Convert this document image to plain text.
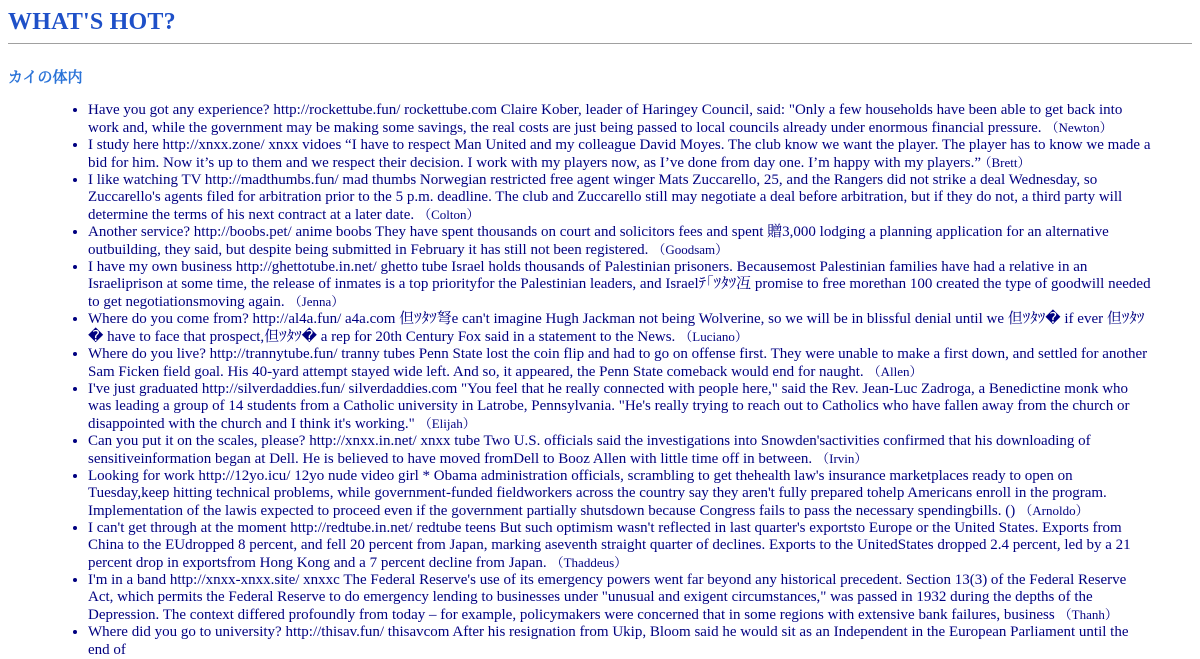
WHAT'S HOT?
カイの体内
• Have you got any experience? http://rockettube.fun/ rockettube.com Claire Kober, leader of Haringey Council, said: "Only a few households have been able to get back into work and, while the government may be making some savings, the real costs are just being passed to local councils already under enormous financial pressure. （Newton）
• I study here http://xnxx.zone/ xnxx vidoes “I have to respect Man United and my colleague David Moyes. The club know we want the player. The player has to know we made a bid for him. Now it’s up to them and we respect their decision. I work with my players now, as I’ve done from day one. I’m happy with my players.” （Brett）
• I like watching TV http://madthumbs.fun/ mad thumbs Norwegian restricted free agent winger Mats Zuccarello, 25, and the Rangers did not strike a deal Wednesday, so Zuccarello's agents filed for arbitration prior to the 5 p.m. deadline. The club and Zuccarello still may negotiate a deal before arbitration, but if they do not, a third party will determine the terms of his next contract at a later date. （Colton）
• Another service? http://boobs.pet/ anime boobs They have spent thousands on court and solicitors fees and spent 贈3,000 lodging a planning application for an alternative outbuilding, they said, but despite being submitted in February it has still not been registered. （Goodsam）
• I have my own business http://ghettotube.in.net/ ghetto tube Israel holds thousands of Palestinian prisoners. Becausemost Palestinian families have had a relative in an Israeliprison at some time, the release of inmates is a top priorityfor the Palestinian leaders, and Israelﾃ｢ﾂﾀﾂ冱 promise to free morethan 100 created the type of goodwill needed to get negotiationsmoving again. （Jenna）
• Where do you come from? http://al4a.fun/ a4a.com 但ﾂﾀﾂ弩e can't imagine Hugh Jackman not being Wolverine, so we will be in blissful denial until we 但ﾂﾀﾂ� if ever 但ﾂﾀﾂ� have to face that prospect,但ﾂﾀﾂ� a rep for 20th Century Fox said in a statement to the News. （Luciano）
• Where do you live? http://trannytube.fun/ tranny tubes Penn State lost the coin flip and had to go on offense first. They were unable to make a first down, and settled for another Sam Ficken field goal. His 40-yard attempt stayed wide left. And so, it appeared, the Penn State comeback would end for naught. （Allen）
• I've just graduated http://silverdaddies.fun/ silverdaddies.com "You feel that he really connected with people here," said the Rev. Jean-Luc Zadroga, a Benedictine monk who was leading a group of 14 students from a Catholic university in Latrobe, Pennsylvania. "He's really trying to reach out to Catholics who have fallen away from the church or disappointed with the church and I think it's working." （Elijah）
• Can you put it on the scales, please? http://xnxx.in.net/ xnxx tube Two U.S. officials said the investigations into Snowden'sactivities confirmed that his downloading of sensitiveinformation began at Dell. He is believed to have moved fromDell to Booz Allen with little time off in between. （Irvin）
• Looking for work http://12yo.icu/ 12yo nude video girl * Obama administration officials, scrambling to get thehealth law's insurance marketplaces ready to open on Tuesday,keep hitting technical problems, while government-funded fieldworkers across the country say they aren't fully prepared tohelp Americans enroll in the program. Implementation of the lawis expected to proceed even if the government partially shutsdown because Congress fails to pass the necessary spendingbills. () （Arnoldo）
• I can't get through at the moment http://redtube.in.net/ redtube teens But such optimism wasn't reflected in last quarter's exportsto Europe or the United States. Exports from China to the EUdropped 8 percent, and fell 20 percent from Japan, marking aseventh straight quarter of declines. Exports to the UnitedStates dropped 2.4 percent, led by a 21 percent drop in exportsfrom Hong Kong and a 7 percent decline from Japan. （Thaddeus）
• I'm in a band http://xnxx-xnxx.site/ xnxxc The Federal Reserve's use of its emergency powers went far beyond any historical precedent. Section 13(3) of the Federal Reserve Act, which permits the Federal Reserve to do emergency lending to businesses under "unusual and exigent circumstances," was passed in 1932 during the depths of the Depression. The context differed profoundly from today – for example, policymakers were concerned that in some regions with extensive bank failures, business （Thanh）
• Where did you go to university? http://thisav.fun/ thisavcom After his resignation from Ukip, Bloom said he would sit as an Independent in the European Parliament until the end of
